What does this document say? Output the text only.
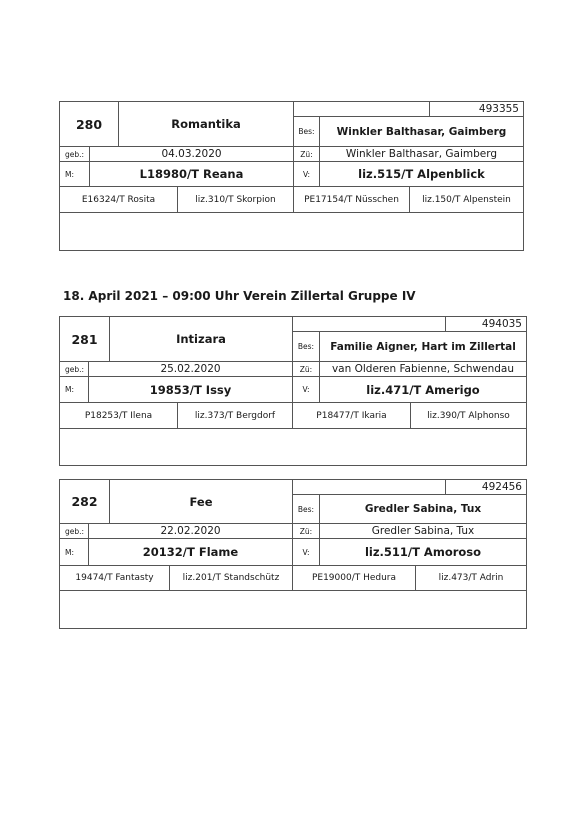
280	Romantika
493355
Bes:	Winkler Balthasar, Gaimberg
geb.:	04.03.2020	Zü:	Winkler Balthasar, Gaimberg
M:	L18980/T Reana	V:	liz.515/T Alpenblick
E16324/T Rosita	liz.310/T Skorpion	PE17154/T Nüsschen	liz.150/T Alpenstein
18. April 2021 – 09:00 Uhr Verein Zillertal Gruppe IV
281	Intizara
494035
Bes:	Familie Aigner, Hart im Zillertal
geb.:	25.02.2020	Zü:	van Olderen Fabienne, Schwendau
M:	19853/T Issy	V:	liz.471/T Amerigo
P18253/T Ilena	liz.373/T Bergdorf	P18477/T Ikaria	liz.390/T Alphonso
282	Fee
492456
Bes:	Gredler Sabina, Tux
geb.:	22.02.2020	Zü:	Gredler Sabina, Tux
M:	20132/T Flame	V:	liz.511/T Amoroso
19474/T Fantasty	liz.201/T Standschütz	PE19000/T Hedura	liz.473/T Adrin
